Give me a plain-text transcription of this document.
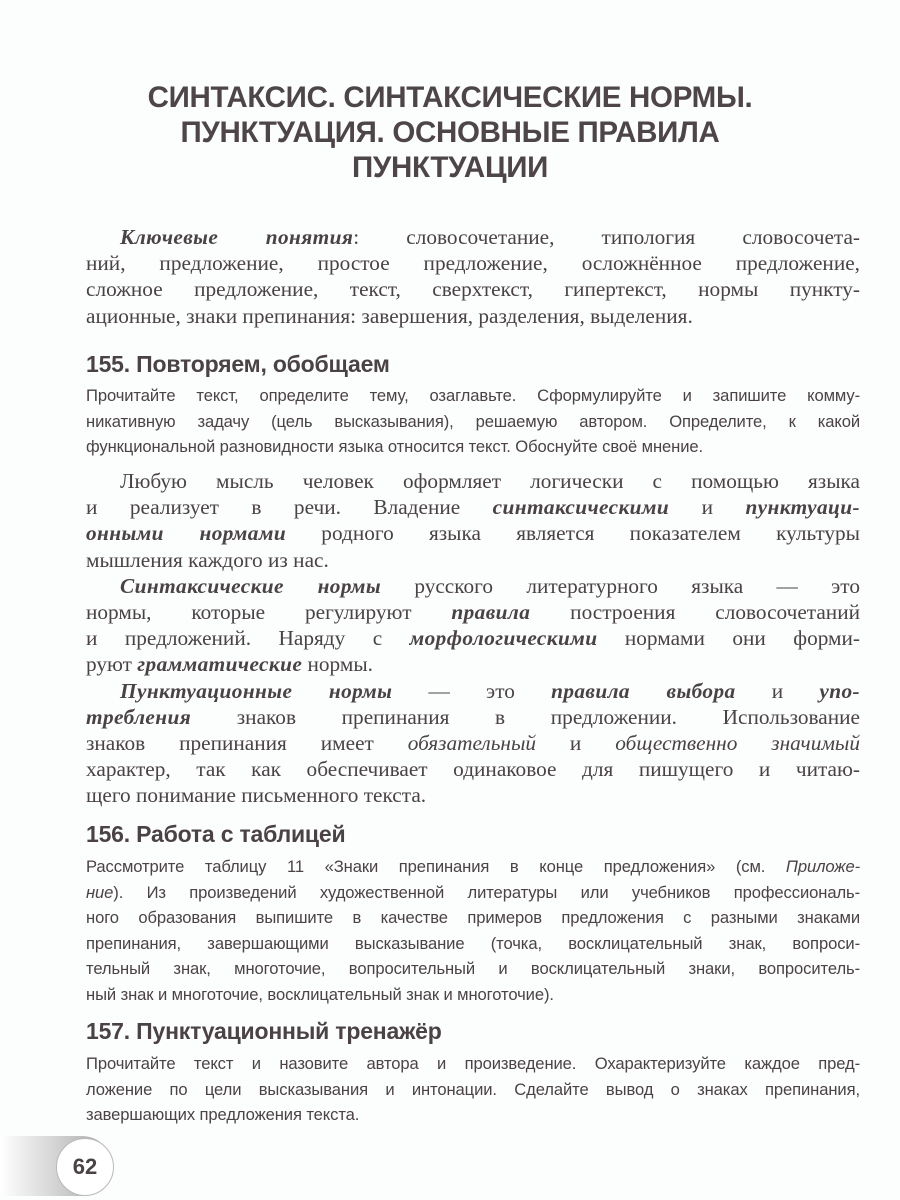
СИНТАКСИС. СИНТАКСИЧЕСКИЕ НОРМЫ.
ПУНКТУАЦИЯ. ОСНОВНЫЕ ПРАВИЛА
ПУНКТУАЦИИ
Ключевые понятия: словосочетание, типология словосочета-
ний, предложение, простое предложение, осложнённое предложение,
сложное предложение, текст, сверхтекст, гипертекст, нормы пункту-
ационные, знаки препинания: завершения, разделения, выделения.
155. Повторяем, обобщаем
Прочитайте текст, определите тему, озаглавьте. Сформулируйте и запишите комму-
никативную задачу (цель высказывания), решаемую автором. Определите, к какой
функциональной разновидности языка относится текст. Обоснуйте своё мнение.
Любую мысль человек оформляет логически с помощью языка
и реализует в речи. Владение синтаксическими и пунктуаци-
онными нормами родного языка является показателем культуры
мышления каждого из нас.
Синтаксические нормы русского литературного языка — это
нормы, которые регулируют правила построения словосочетаний
и предложений. Наряду с морфологическими нормами они форми-
руют грамматические нормы.
Пунктуационные нормы — это правила выбора и упо-
требления знаков препинания в предложении. Использование
знаков препинания имеет обязательный и общественно значимый
характер, так как обеспечивает одинаковое для пишущего и читаю-
щего понимание письменного текста.
156. Работа с таблицей
Рассмотрите таблицу 11 «Знаки препинания в конце предложения» (см. Приложе-
ние). Из произведений художественной литературы или учебников профессиональ-
ного образования выпишите в качестве примеров предложения с разными знаками
препинания, завершающими высказывание (точка, восклицательный знак, вопроси-
тельный знак, многоточие, вопросительный и восклицательный знаки, вопроситель-
ный знак и многоточие, восклицательный знак и многоточие).
157. Пунктуационный тренажёр
Прочитайте текст и назовите автора и произведение. Охарактеризуйте каждое пред-
ложение по цели высказывания и интонации. Сделайте вывод о знаках препинания,
завершающих предложения текста.
62
